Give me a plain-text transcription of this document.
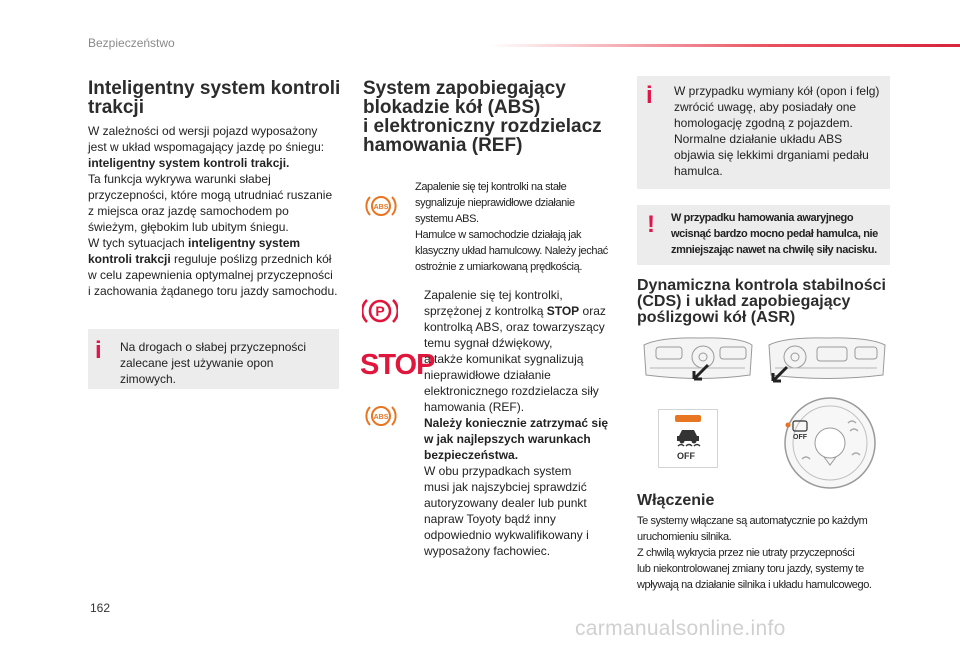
Bezpieczeństwo
Inteligentny system kontroli
trakcji
W zależności od wersji pojazd wyposażony
jest w układ wspomagający jazdę po śniegu:
inteligentny system kontroli trakcji.
Ta funkcja wykrywa warunki słabej
przyczepności, które mogą utrudniać ruszanie
z miejsca oraz jazdę samochodem po
świeżym, głębokim lub ubitym śniegu.
W tych sytuacjach inteligentny system
kontroli trakcji reguluje poślizg przednich kół
w celu zapewnienia optymalnej przyczepności
i zachowania żądanego toru jazdy samochodu.
i Na drogach o słabej przyczepności
zalecane jest używanie opon
zimowych.
System zapobiegający
blokadzie kół (ABS)
i elektroniczny rozdzielacz
hamowania (REF)
ABS
Zapalenie się tej kontrolki na stałe
sygnalizuje nieprawidłowe działanie
systemu ABS.
Hamulce w samochodzie działają jak
klasyczny układ hamulcowy. Należy jechać
ostrożnie z umiarkowaną prędkością.
P
STOP
ABS
Zapalenie się tej kontrolki,
sprzężonej z kontrolką STOP oraz
kontrolką ABS, oraz towarzyszący
temu sygnał dźwiękowy,
a także komunikat sygnalizują
nieprawidłowe działanie
elektronicznego rozdzielacza siły
hamowania (REF).
Należy koniecznie zatrzymać się
w jak najlepszych warunkach
bezpieczeństwa.
W obu przypadkach system
musi jak najszybciej sprawdzić
autoryzowany dealer lub punkt
napraw Toyoty bądź inny
odpowiednio wykwalifikowany i
wyposażony fachowiec.
i W przypadku wymiany kół (opon i felg)
zwrócić uwagę, aby posiadały one
homologację zgodną z pojazdem.
Normalne działanie układu ABS
objawia się lekkimi drganiami pedału
hamulca.
! W przypadku hamowania awaryjnego
wcisnąć bardzo mocno pedał hamulca, nie
zmniejszając nawet na chwilę siły nacisku.
Dynamiczna kontrola stabilności
(CDS) i układ zapobiegający
poślizgowi kół (ASR)
OFF
OFF
Włączenie
Te systemy włączane są automatycznie po każdym
uruchomieniu silnika.
Z chwilą wykrycia przez nie utraty przyczepności
lub niekontrolowanej zmiany toru jazdy, systemy te
wpływają na działanie silnika i układu hamulcowego.
162
carmanualsonline.info
